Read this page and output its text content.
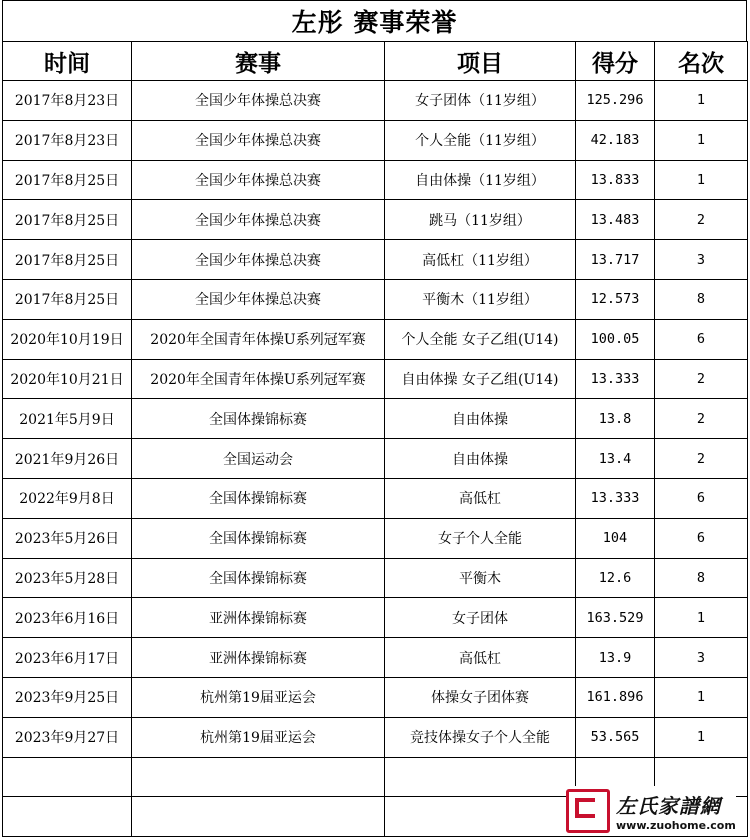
左彤 赛事荣誉
时间	赛事	项目	得分	名次
2017年8月23日	全国少年体操总决赛	女子团体（11岁组）	125.296	1
2017年8月23日	全国少年体操总决赛	个人全能（11岁组）	42.183	1
2017年8月25日	全国少年体操总决赛	自由体操（11岁组）	13.833	1
2017年8月25日	全国少年体操总决赛	跳马（11岁组）	13.483	2
2017年8月25日	全国少年体操总决赛	高低杠（11岁组）	13.717	3
2017年8月25日	全国少年体操总决赛	平衡木（11岁组）	12.573	8
2020年10月19日	2020年全国青年体操U系列冠军赛	个人全能 女子乙组(U14)	100.05	6
2020年10月21日	2020年全国青年体操U系列冠军赛	自由体操 女子乙组(U14)	13.333	2
2021年5月9日	全国体操锦标赛	自由体操	13.8	2
2021年9月26日	全国运动会	自由体操	13.4	2
2022年9月8日	全国体操锦标赛	高低杠	13.333	6
2023年5月26日	全国体操锦标赛	女子个人全能	104	6
2023年5月28日	全国体操锦标赛	平衡木	12.6	8
2023年6月16日	亚洲体操锦标赛	女子团体	163.529	1
2023年6月17日	亚洲体操锦标赛	高低杠	13.9	3
2023年9月25日	杭州第19届亚运会	体操女子团体赛	161.896	1
2023年9月27日	杭州第19届亚运会	竞技体操女子个人全能	53.565	1

左氏家譜網
www.zuohome.com
